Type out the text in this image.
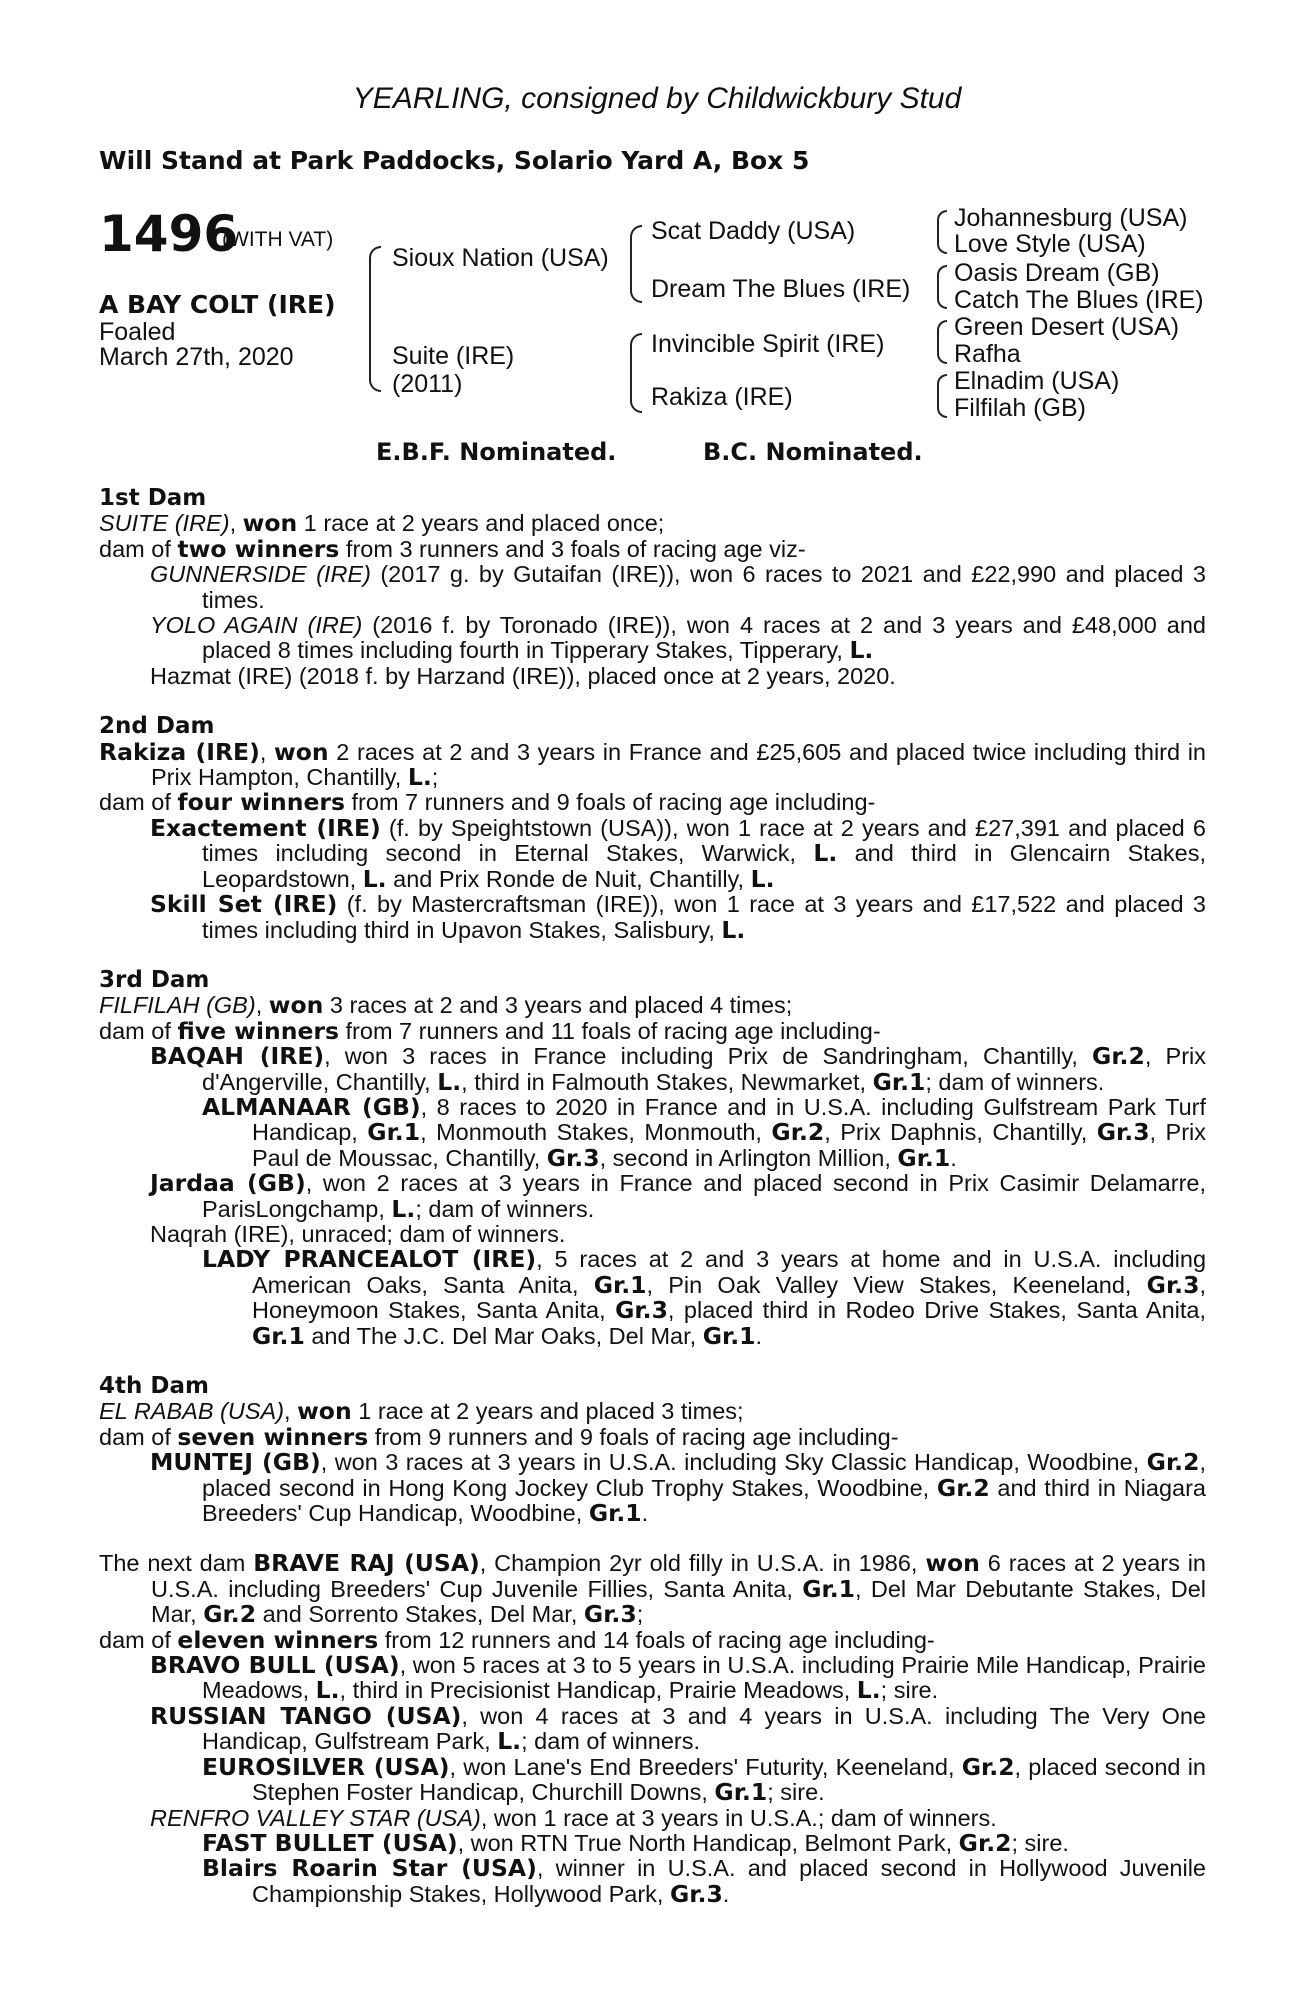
YEARLING, consigned by Childwickbury Stud
Will Stand at Park Paddocks, Solario Yard A, Box 5
1496
(WITH VAT)
A BAY COLT (IRE)
Foaled
March 27th, 2020
Sioux Nation (USA)
Suite (IRE)
(2011)
Scat Daddy (USA)
Dream The Blues (IRE)
Invincible Spirit (IRE)
Rakiza (IRE)
Johannesburg (USA)
Love Style (USA)
Oasis Dream (GB)
Catch The Blues (IRE)
Green Desert (USA)
Rafha
Elnadim (USA)
Filfilah (GB)
E.B.F. Nominated.	B.C. Nominated.

1st Dam

SUITE (IRE), won 1 race at 2 years and placed once;

dam of two winners from 3 runners and 3 foals of racing age viz-

GUNNERSIDE (IRE) (2017 g. by Gutaifan (IRE)), won 6 races to 2021 and £22,990 and placed 3 times.

YOLO AGAIN (IRE) (2016 f. by Toronado (IRE)), won 4 races at 2 and 3 years and £48,000 and placed 8 times including fourth in Tipperary Stakes, Tipperary, L.

Hazmat (IRE) (2018 f. by Harzand (IRE)), placed once at 2 years, 2020.

2nd Dam

Rakiza (IRE), won 2 races at 2 and 3 years in France and £25,605 and placed twice including third in Prix Hampton, Chantilly, L.;

dam of four winners from 7 runners and 9 foals of racing age including-

Exactement (IRE) (f. by Speightstown (USA)), won 1 race at 2 years and £27,391 and placed 6 times including second in Eternal Stakes, Warwick, L. and third in Glencairn Stakes, Leopardstown, L. and Prix Ronde de Nuit, Chantilly, L.

Skill Set (IRE) (f. by Mastercraftsman (IRE)), won 1 race at 3 years and £17,522 and placed 3 times including third in Upavon Stakes, Salisbury, L.

3rd Dam

FILFILAH (GB), won 3 races at 2 and 3 years and placed 4 times;

dam of five winners from 7 runners and 11 foals of racing age including-

BAQAH (IRE), won 3 races in France including Prix de Sandringham, Chantilly, Gr.2, Prix d'Angerville, Chantilly, L., third in Falmouth Stakes, Newmarket, Gr.1; dam of winners.

ALMANAAR (GB), 8 races to 2020 in France and in U.S.A. including Gulfstream Park Turf Handicap, Gr.1, Monmouth Stakes, Monmouth, Gr.2, Prix Daphnis, Chantilly, Gr.3, Prix Paul de Moussac, Chantilly, Gr.3, second in Arlington Million, Gr.1.

Jardaa (GB), won 2 races at 3 years in France and placed second in Prix Casimir Delamarre, ParisLongchamp, L.; dam of winners.

Naqrah (IRE), unraced; dam of winners.

LADY PRANCEALOT (IRE), 5 races at 2 and 3 years at home and in U.S.A. including American Oaks, Santa Anita, Gr.1, Pin Oak Valley View Stakes, Keeneland, Gr.3, Honeymoon Stakes, Santa Anita, Gr.3, placed third in Rodeo Drive Stakes, Santa Anita, Gr.1 and The J.C. Del Mar Oaks, Del Mar, Gr.1.

4th Dam

EL RABAB (USA), won 1 race at 2 years and placed 3 times;

dam of seven winners from 9 runners and 9 foals of racing age including-

MUNTEJ (GB), won 3 races at 3 years in U.S.A. including Sky Classic Handicap, Woodbine, Gr.2, placed second in Hong Kong Jockey Club Trophy Stakes, Woodbine, Gr.2 and third in Niagara Breeders' Cup Handicap, Woodbine, Gr.1.

The next dam BRAVE RAJ (USA), Champion 2yr old filly in U.S.A. in 1986, won 6 races at 2 years in U.S.A. including Breeders' Cup Juvenile Fillies, Santa Anita, Gr.1, Del Mar Debutante Stakes, Del Mar, Gr.2 and Sorrento Stakes, Del Mar, Gr.3;

dam of eleven winners from 12 runners and 14 foals of racing age including-

BRAVO BULL (USA), won 5 races at 3 to 5 years in U.S.A. including Prairie Mile Handicap, Prairie Meadows, L., third in Precisionist Handicap, Prairie Meadows, L.; sire.

RUSSIAN TANGO (USA), won 4 races at 3 and 4 years in U.S.A. including The Very One Handicap, Gulfstream Park, L.; dam of winners.

EUROSILVER (USA), won Lane's End Breeders' Futurity, Keeneland, Gr.2, placed second in Stephen Foster Handicap, Churchill Downs, Gr.1; sire.

RENFRO VALLEY STAR (USA), won 1 race at 3 years in U.S.A.; dam of winners.

FAST BULLET (USA), won RTN True North Handicap, Belmont Park, Gr.2; sire.

Blairs Roarin Star (USA), winner in U.S.A. and placed second in Hollywood Juvenile Championship Stakes, Hollywood Park, Gr.3.
